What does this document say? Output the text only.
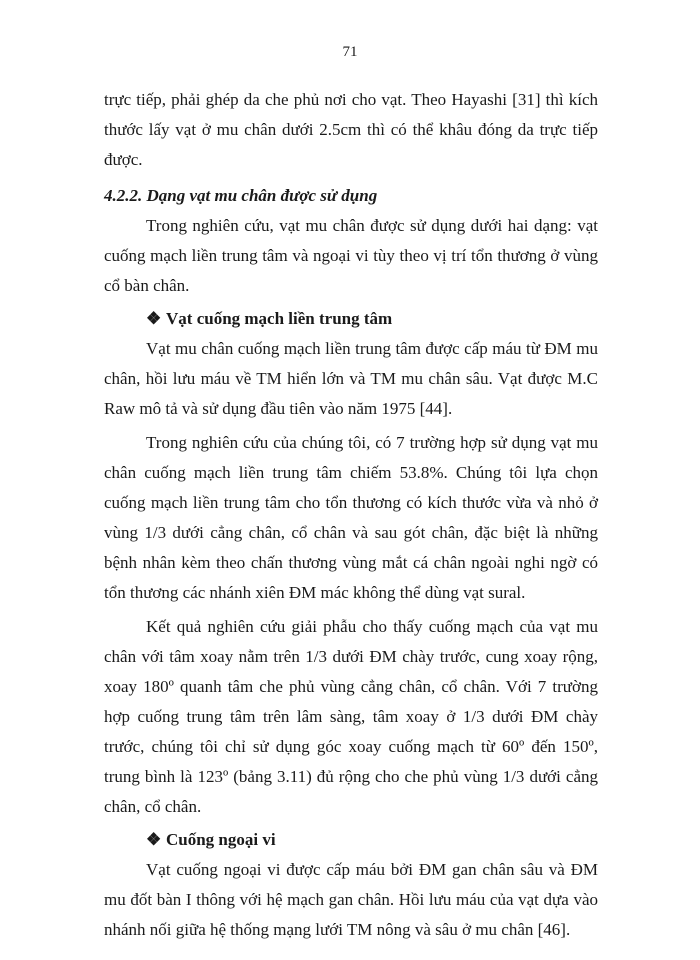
71

trực tiếp, phải ghép da che phủ nơi cho vạt. Theo Hayashi [31] thì kích thước lấy vạt ở mu chân dưới 2.5cm thì có thể khâu đóng da trực tiếp được.

4.2.2. Dạng vạt mu chân được sử dụng

Trong nghiên cứu, vạt mu chân được sử dụng dưới hai dạng: vạt cuống mạch liền trung tâm và ngoại vi tùy theo vị trí tổn thương ở vùng cổ bàn chân.

❖ Vạt cuống mạch liền trung tâm

Vạt mu chân cuống mạch liền trung tâm được cấp máu từ ĐM mu chân, hồi lưu máu về TM hiển lớn và TM mu chân sâu. Vạt được M.C Raw mô tả và sử dụng đầu tiên vào năm 1975 [44].

Trong nghiên cứu của chúng tôi, có 7 trường hợp sử dụng vạt mu chân cuống mạch liền trung tâm chiếm 53.8%. Chúng tôi lựa chọn cuống mạch liền trung tâm cho tổn thương có kích thước vừa và nhỏ ở vùng 1/3 dưới cẳng chân, cổ chân và sau gót chân, đặc biệt là những bệnh nhân kèm theo chấn thương vùng mắt cá chân ngoài nghi ngờ có tổn thương các nhánh xiên ĐM mác không thể dùng vạt sural.

Kết quả nghiên cứu giải phẫu cho thấy cuống mạch của vạt mu chân với tâm xoay nằm trên 1/3 dưới ĐM chày trước, cung xoay rộng, xoay 180º quanh tâm che phủ vùng cẳng chân, cổ chân. Với 7 trường hợp cuống trung tâm trên lâm sàng, tâm xoay ở 1/3 dưới ĐM chày trước, chúng tôi chỉ sử dụng góc xoay cuống mạch từ 60º đến 150º, trung bình là 123º (bảng 3.11) đủ rộng cho che phủ vùng 1/3 dưới cẳng chân, cổ chân.

❖ Cuống ngoại vi

Vạt cuống ngoại vi được cấp máu bởi ĐM gan chân sâu và ĐM mu đốt bàn I thông với hệ mạch gan chân. Hồi lưu máu của vạt dựa vào nhánh nối giữa hệ thống mạng lưới TM nông và sâu ở mu chân [46].
